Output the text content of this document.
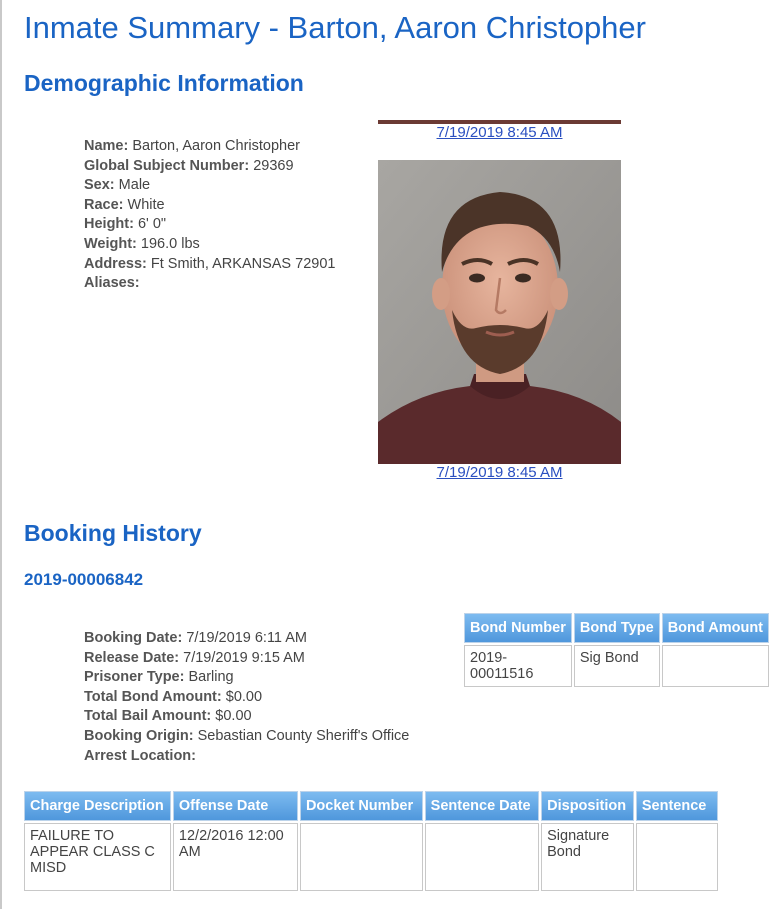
Inmate Summary - Barton, Aaron Christopher
Demographic Information
Name: Barton, Aaron Christopher
Global Subject Number: 29369
Sex: Male
Race: White
Height: 6' 0"
Weight: 196.0 lbs
Address: Ft Smith, ARKANSAS 72901
Aliases:
7/19/2019 8:45 AM
7/19/2019 8:45 AM
Booking History
2019-00006842
Booking Date: 7/19/2019 6:11 AM
Release Date: 7/19/2019 9:15 AM
Prisoner Type: Barling
Total Bond Amount: $0.00
Total Bail Amount: $0.00
Booking Origin: Sebastian County Sheriff's Office
Arrest Location:
Bond Number	Bond Type	Bond Amount
2019-00011516	Sig Bond	
Charge Description	Offense Date	Docket Number	Sentence Date	Disposition	Sentence
FAILURE TO APPEAR CLASS C MISD	12/2/2016 12:00 AM			Signature Bond	
